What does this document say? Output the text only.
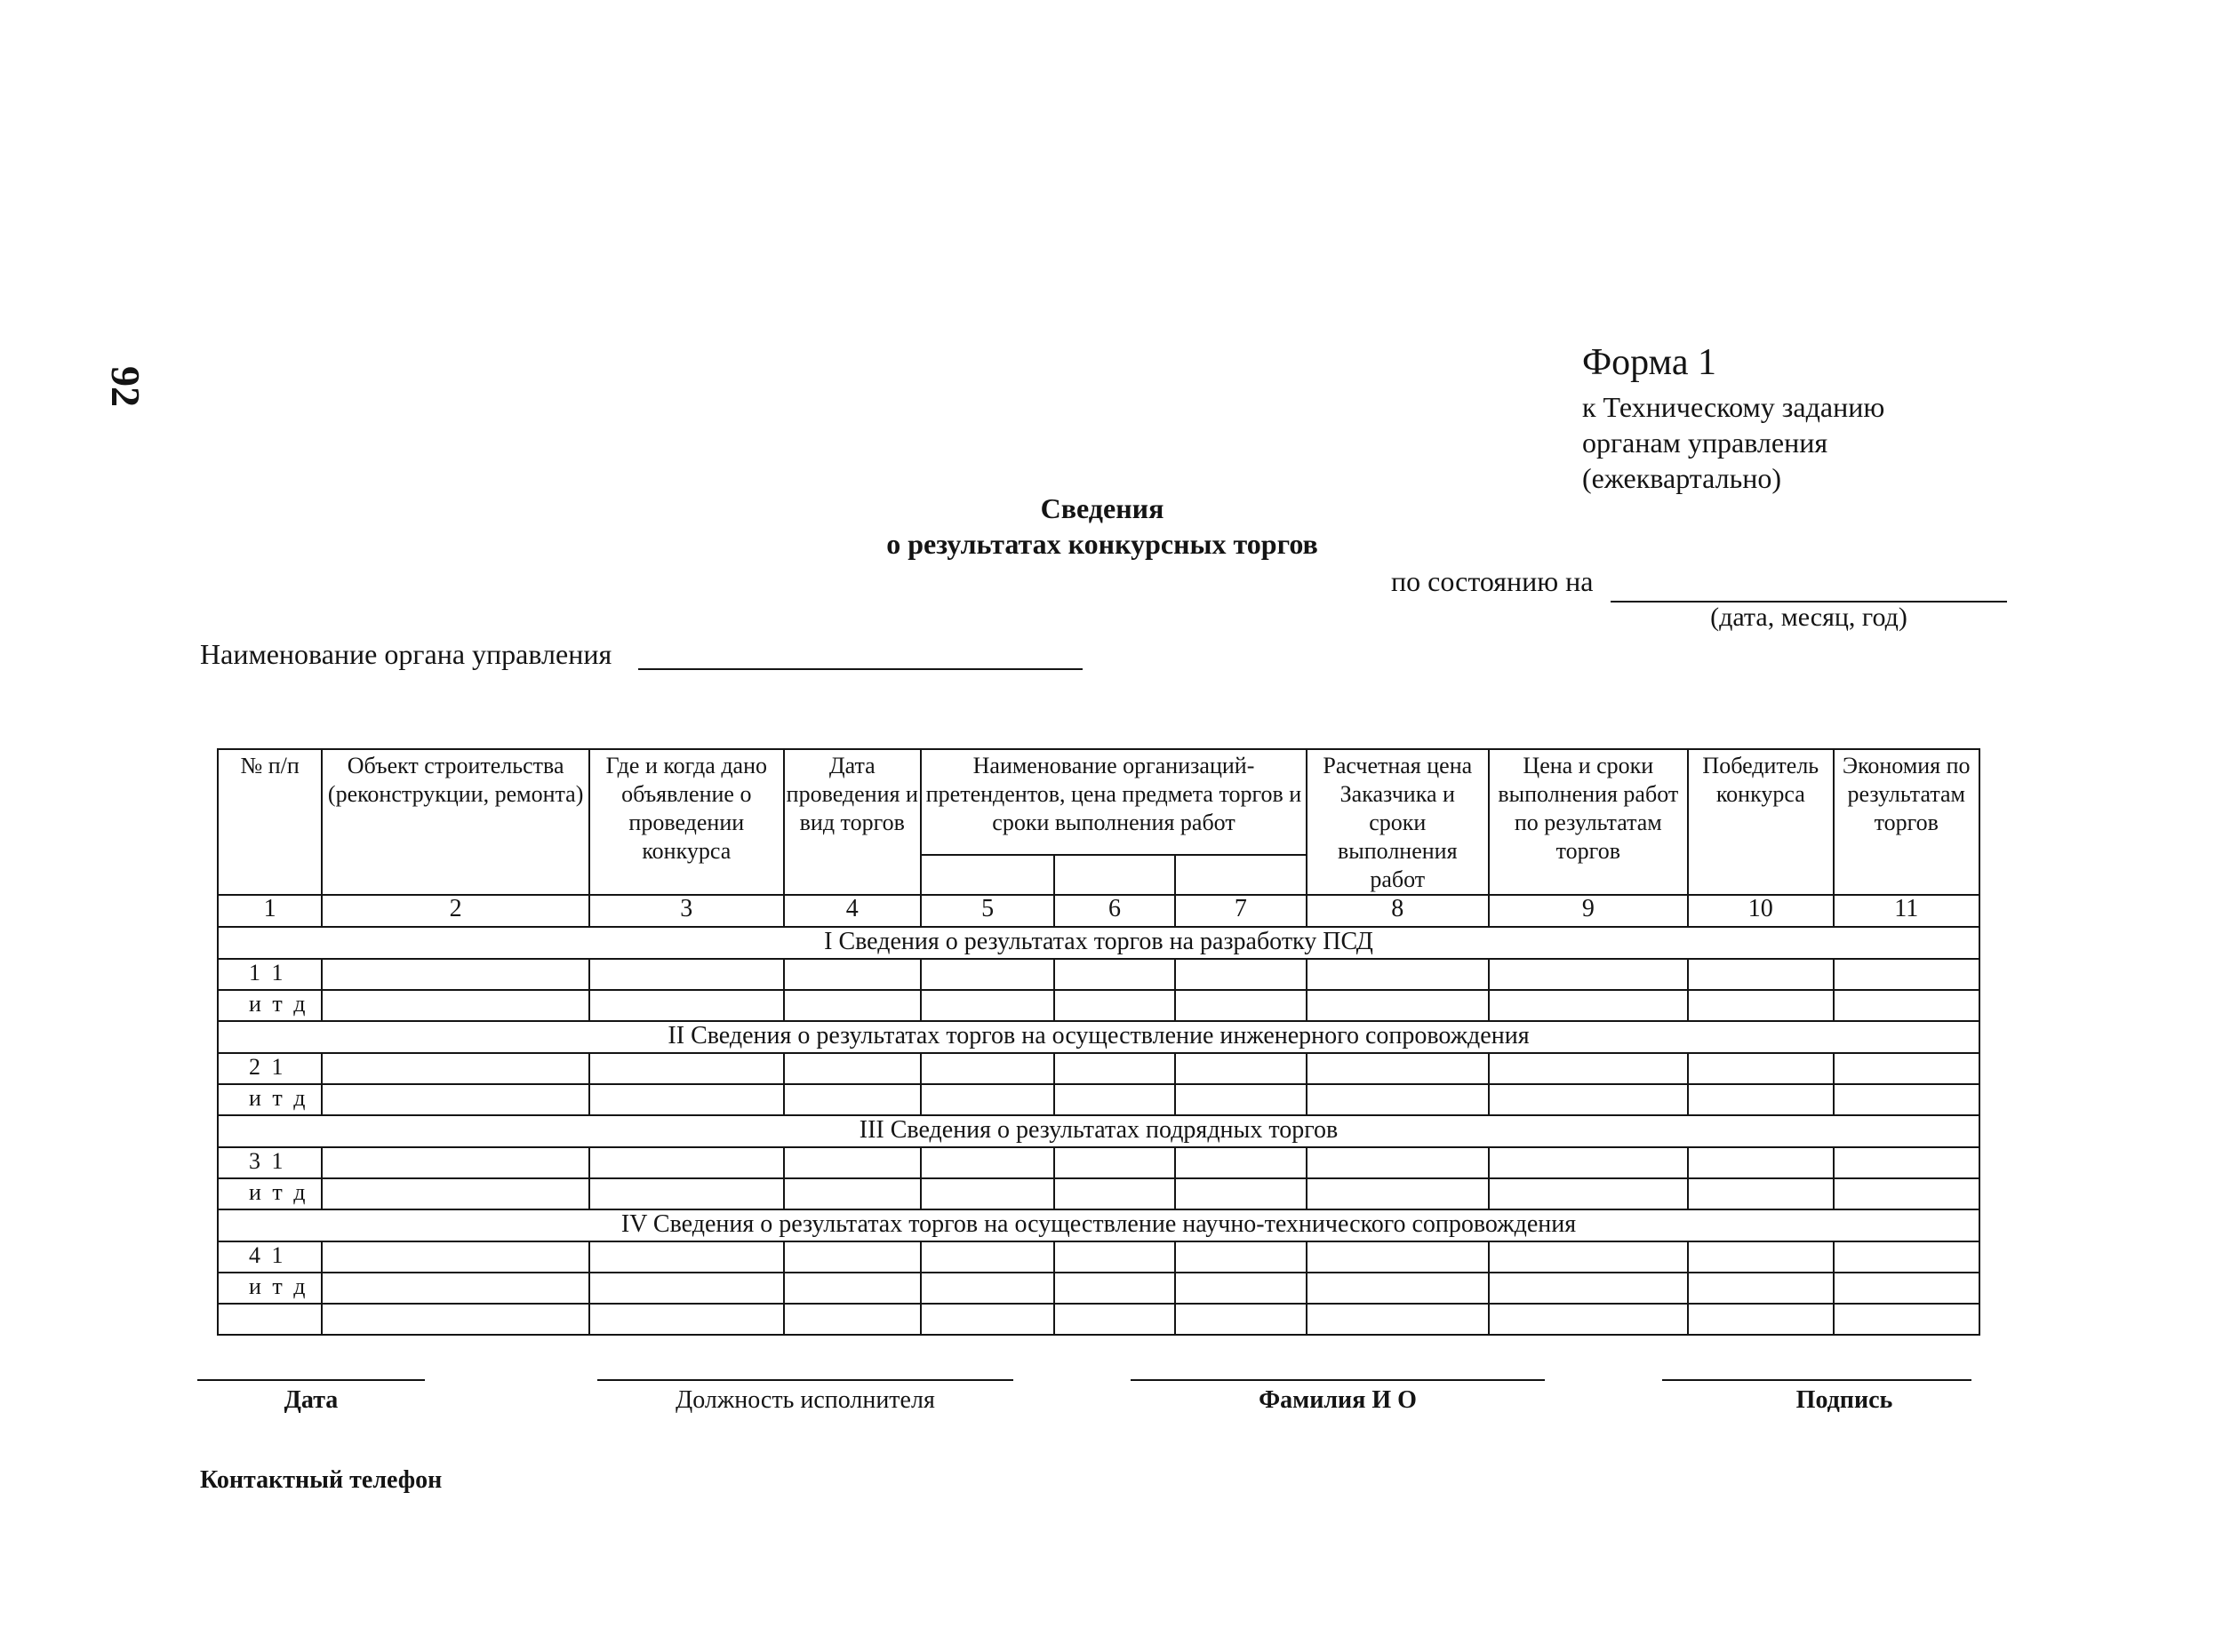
92
Форма 1
к Техническому заданию
органам управления
(ежеквартально)
Сведения
о результатах конкурсных торгов
по состоянию на
(дата, месяц, год)
Наименование органа управления
№ п/п	Объект строительства (реконструкции, ремонта)	Где и когда дано объявление о проведении конкурса	Дата проведения и вид торгов	Наименование организаций-претендентов, цена предмета торгов и сроки выполнения работ			Расчетная цена Заказчика и сроки выполнения работ	Цена и сроки выполнения работ по результатам торгов	Победитель конкурса	Экономия по результатам торгов

1	2	3	4	5	6	7	8	9	10	11
I Сведения о результатах торгов на разработку ПСД										
1 1										
и т д										
II Сведения о результатах торгов на осуществление инженерного сопровождения										
2 1										
и т д										
III Сведения о результатах подрядных торгов										
3 1										
и т д										
IV Сведения о результатах торгов на осуществление научно-технического сопровождения										
4 1										
и т д										

Дата	Должность исполнителя	Фамилия И О	Подпись
Контактный телефон
